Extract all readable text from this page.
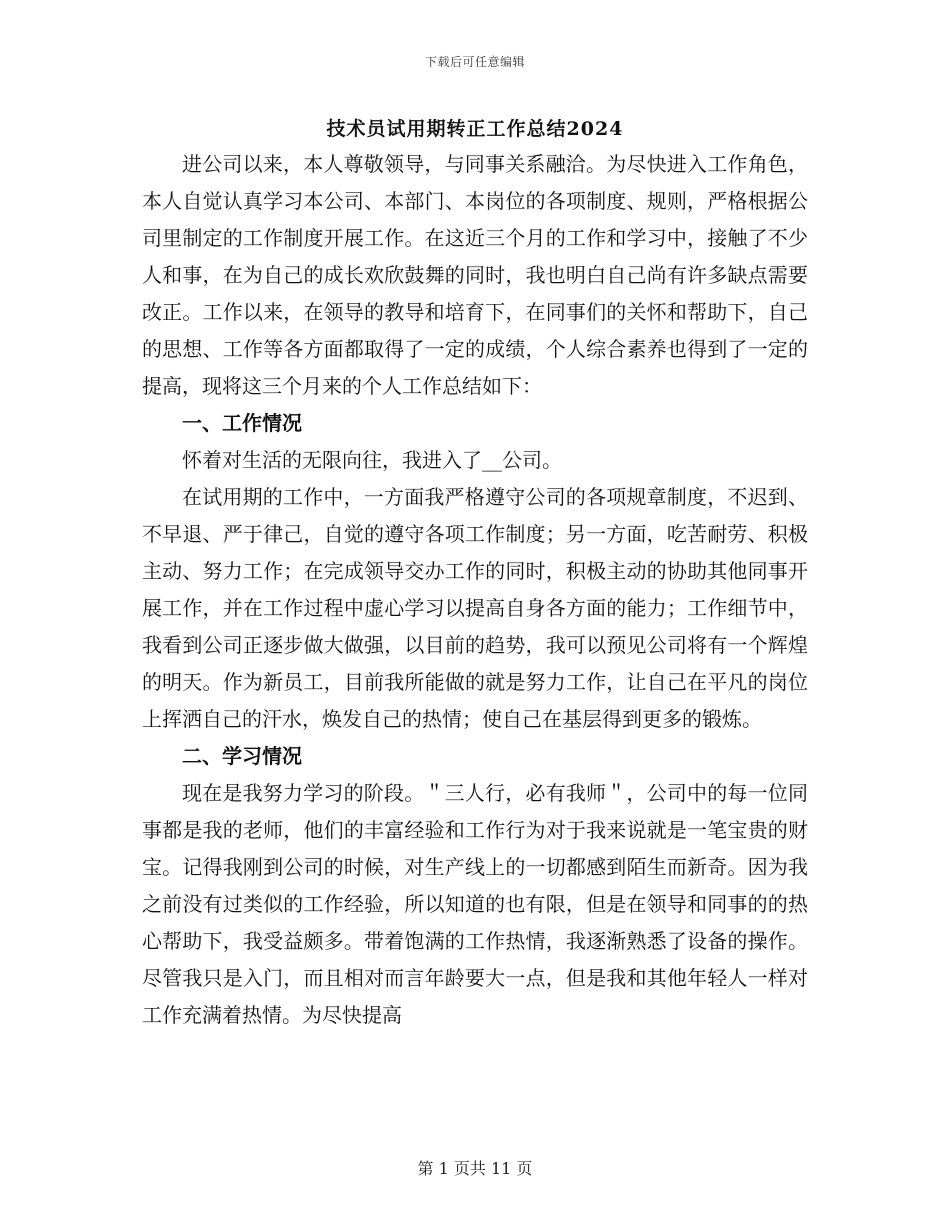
下载后可任意编辑
技术员试用期转正工作总结2024

进公司以来，本人尊敬领导，与同事关系融洽。为尽快进入工作角色，本人自觉认真学习本公司、本部门、本岗位的各项制度、规则，严格根据公司里制定的工作制度开展工作。在这近三个月的工作和学习中，接触了不少人和事，在为自己的成长欢欣鼓舞的同时，我也明白自己尚有许多缺点需要改正。工作以来，在领导的教导和培育下，在同事们的关怀和帮助下，自己的思想、工作等各方面都取得了一定的成绩，个人综合素养也得到了一定的提高，现将这三个月来的个人工作总结如下：

一、工作情况

怀着对生活的无限向往，我进入了__公司。

在试用期的工作中，一方面我严格遵守公司的各项规章制度，不迟到、不早退、严于律己，自觉的遵守各项工作制度；另一方面，吃苦耐劳、积极主动、努力工作；在完成领导交办工作的同时，积极主动的协助其他同事开展工作，并在工作过程中虚心学习以提高自身各方面的能力；工作细节中，我看到公司正逐步做大做强，以目前的趋势，我可以预见公司将有一个辉煌的明天。作为新员工，目前我所能做的就是努力工作，让自己在平凡的岗位上挥洒自己的汗水，焕发自己的热情；使自己在基层得到更多的锻炼。

二、学习情况

现在是我努力学习的阶段。＂三人行，必有我师＂，公司中的每一位同事都是我的老师，他们的丰富经验和工作行为对于我来说就是一笔宝贵的财宝。记得我刚到公司的时候，对生产线上的一切都感到陌生而新奇。因为我之前没有过类似的工作经验，所以知道的也有限，但是在领导和同事的的热心帮助下，我受益颇多。带着饱满的工作热情，我逐渐熟悉了设备的操作。尽管我只是入门，而且相对而言年龄要大一点，但是我和其他年轻人一样对工作充满着热情。为尽快提高

第 1 页共 11 页
